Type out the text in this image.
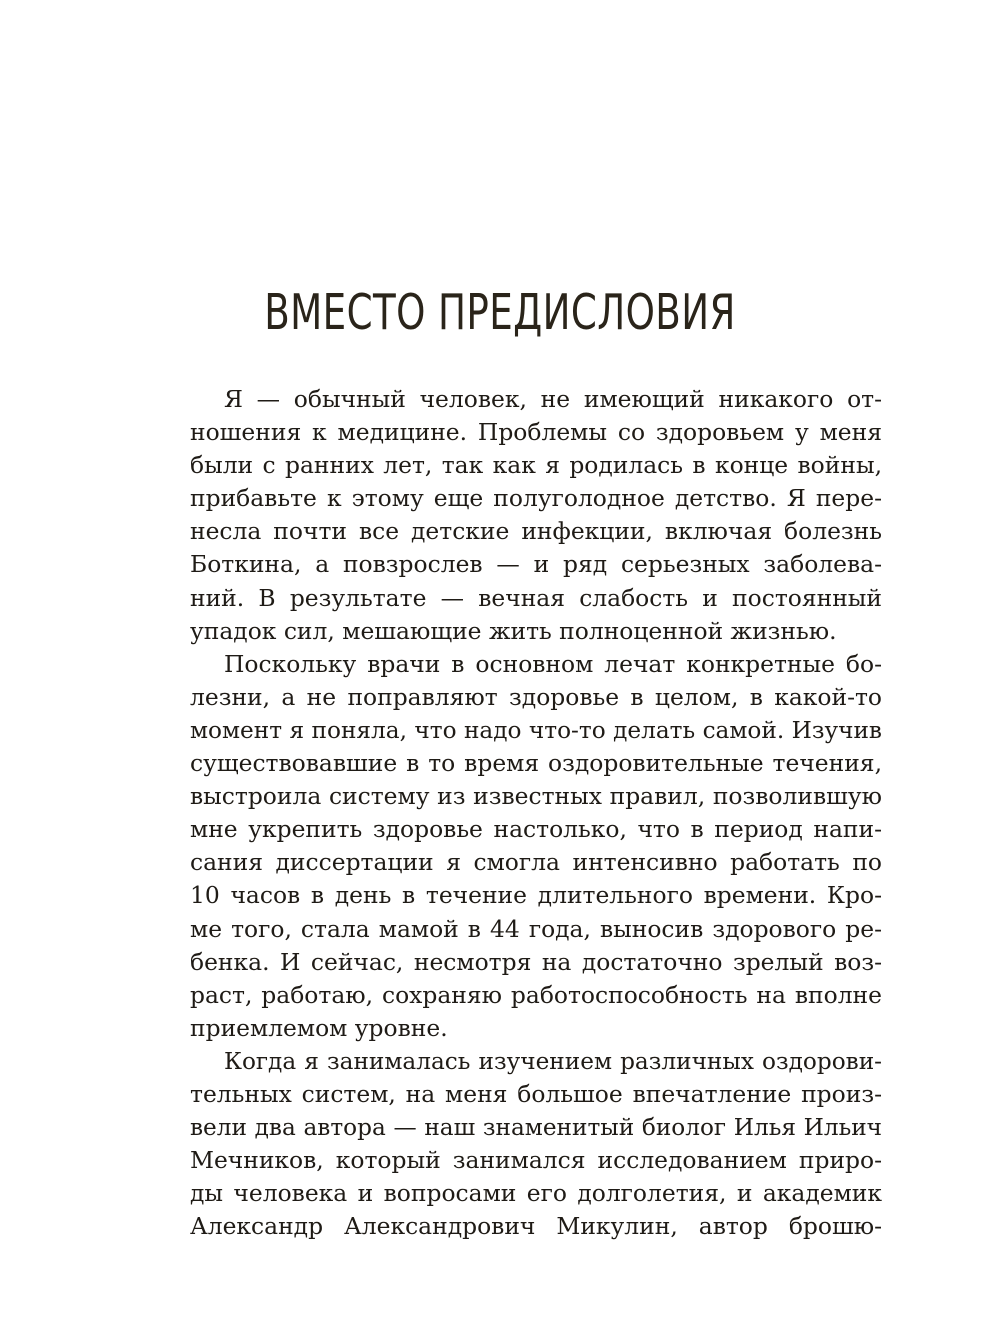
ВМЕСТО ПРЕДИСЛОВИЯ
Я — обычный человек, не имеющий никакого от-
ношения к медицине. Проблемы со здоровьем у меня
были с ранних лет, так как я родилась в конце войны,
прибавьте к этому еще полуголодное детство. Я пере-
несла почти все детские инфекции, включая болезнь
Боткина, а повзрослев — и ряд серьезных заболева-
ний. В результате — вечная слабость и постоянный
упадок сил, мешающие жить полноценной жизнью.
Поскольку врачи в основном лечат конкретные бо-
лезни, а не поправляют здоровье в целом, в какой-то
момент я поняла, что надо что-то делать самой. Изучив
существовавшие в то время оздоровительные течения,
выстроила систему из известных правил, позволившую
мне укрепить здоровье настолько, что в период напи-
сания диссертации я смогла интенсивно работать по
10 часов в день в течение длительного времени. Кро-
ме того, стала мамой в 44 года, выносив здорового ре-
бенка. И сейчас, несмотря на достаточно зрелый воз-
раст, работаю, сохраняю работоспособность на вполне
приемлемом уровне.
Когда я занималась изучением различных оздорови-
тельных систем, на меня большое впечатление произ-
вели два автора — наш знаменитый биолог Илья Ильич
Мечников, который занимался исследованием приро-
ды человека и вопросами его долголетия, и академик
Александр Александрович Микулин, автор брошю-
